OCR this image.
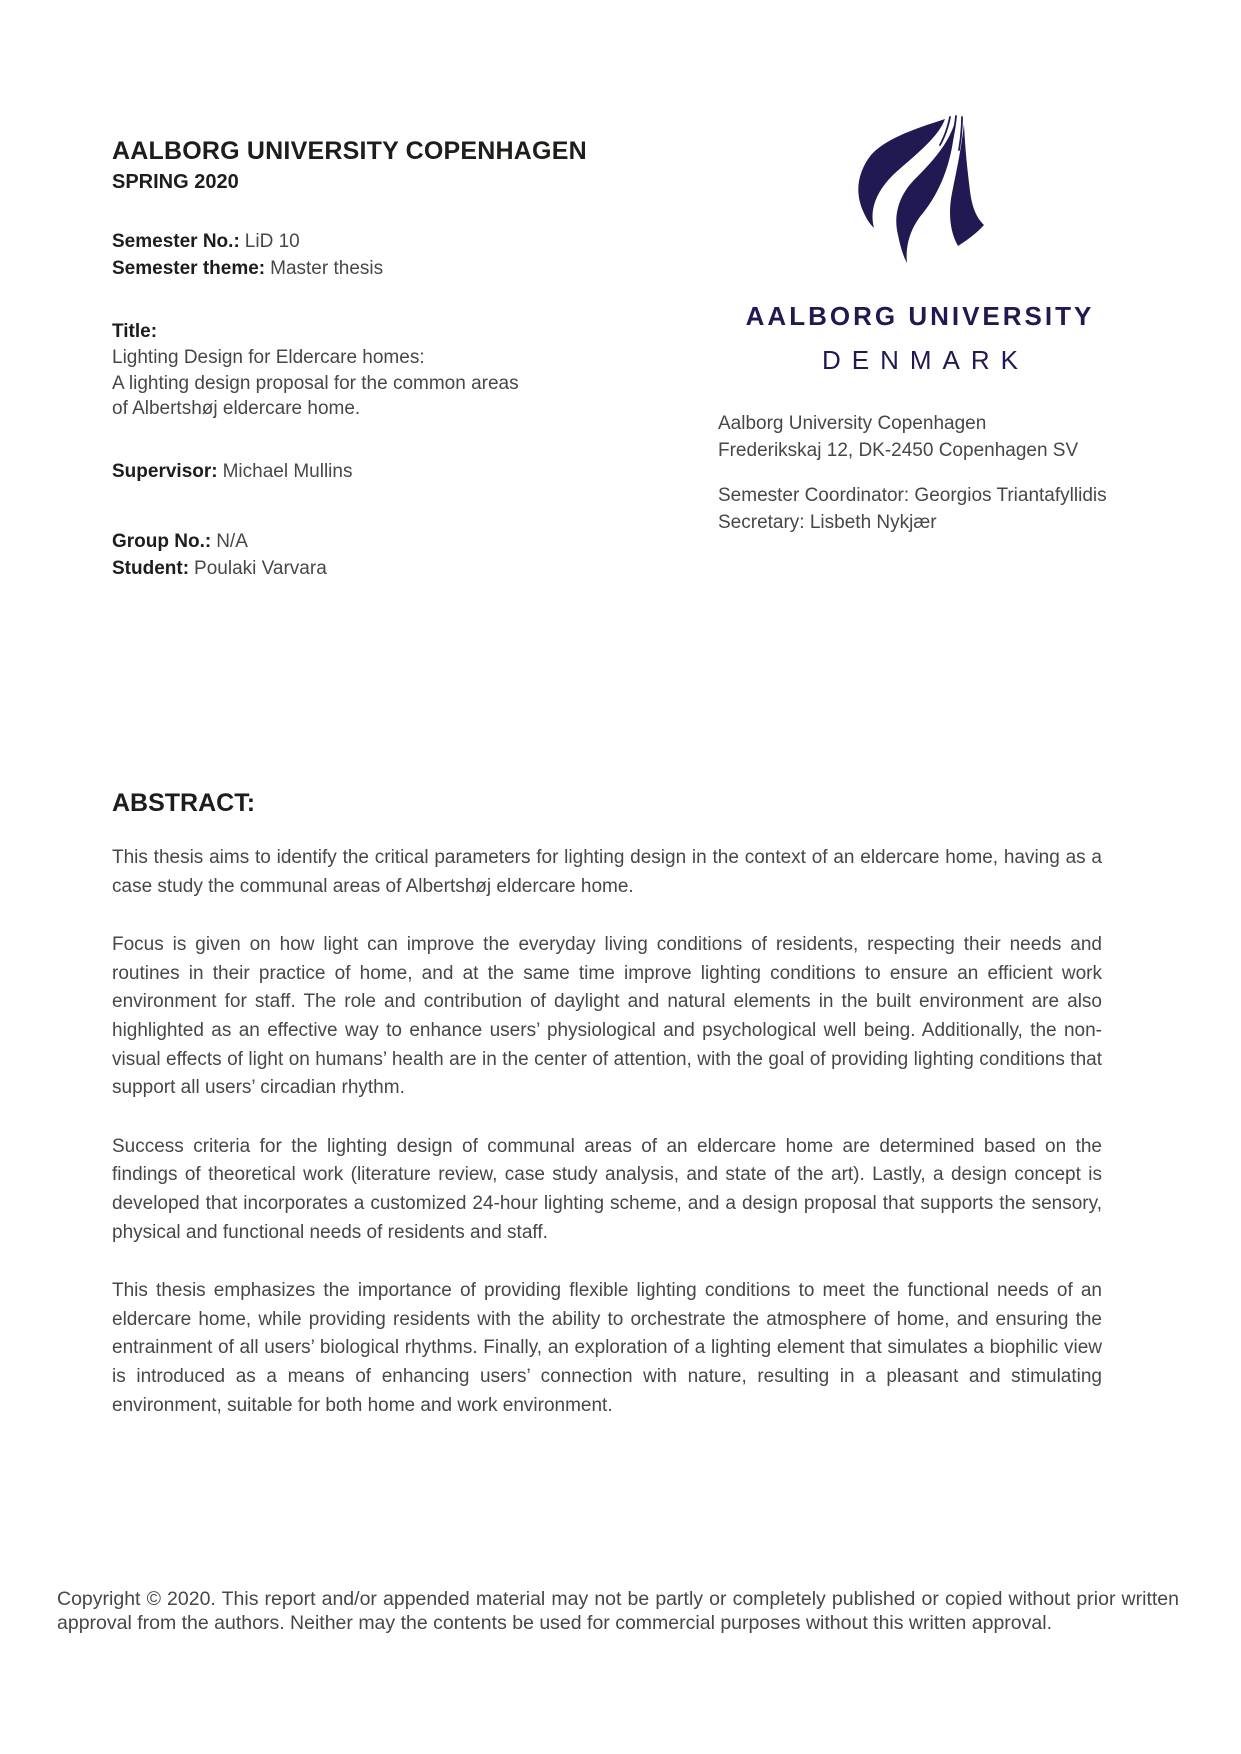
AALBORG UNIVERSITY COPENHAGEN
SPRING 2020
Semester No.: LiD 10
Semester theme: Master thesis
Title:
Lighting Design for Eldercare homes:
A lighting design proposal for the common areas
of Albertshøj eldercare home.
Supervisor: Michael Mullins
Group No.: N/A
Student: Poulaki Varvara
AALBORG UNIVERSITY
DENMARK
Aalborg University Copenhagen
Frederikskaj 12, DK-2450 Copenhagen SV
Semester Coordinator: Georgios Triantafyllidis
Secretary: Lisbeth Nykjær
ABSTRACT:

This thesis aims to identify the critical parameters for lighting design in the context of an eldercare home, having as a case study the communal areas of Albertshøj eldercare home.

Focus is given on how light can improve the everyday living conditions of residents, respecting their needs and routines in their practice of home, and at the same time improve lighting conditions to ensure an efficient work environment for staff. The role and contribution of daylight and natural elements in the built environment are also highlighted as an effective way to enhance users’ physiological and psychological well being. Additionally, the non-visual effects of light on humans’ health are in the center of attention, with the goal of providing lighting conditions that support all users’ circadian rhythm.

Success criteria for the lighting design of communal areas of an eldercare home are determined based on the findings of theoretical work (literature review, case study analysis, and state of the art). Lastly, a design concept is developed that incorporates a customized 24-hour lighting scheme, and a design proposal that supports the sensory, physical and functional needs of residents and staff.

This thesis emphasizes the importance of providing flexible lighting conditions to meet the functional needs of an eldercare home, while providing residents with the ability to orchestrate the atmosphere of home, and ensuring the entrainment of all users’ biological rhythms. Finally, an exploration of a lighting element that simulates a biophilic view is introduced as a means of enhancing users’ connection with nature, resulting in a pleasant and stimulating environment, suitable for both home and work environment.

Copyright © 2020. This report and/or appended material may not be partly or completely published or copied without prior written approval from the authors. Neither may the contents be used for commercial purposes without this written approval.
